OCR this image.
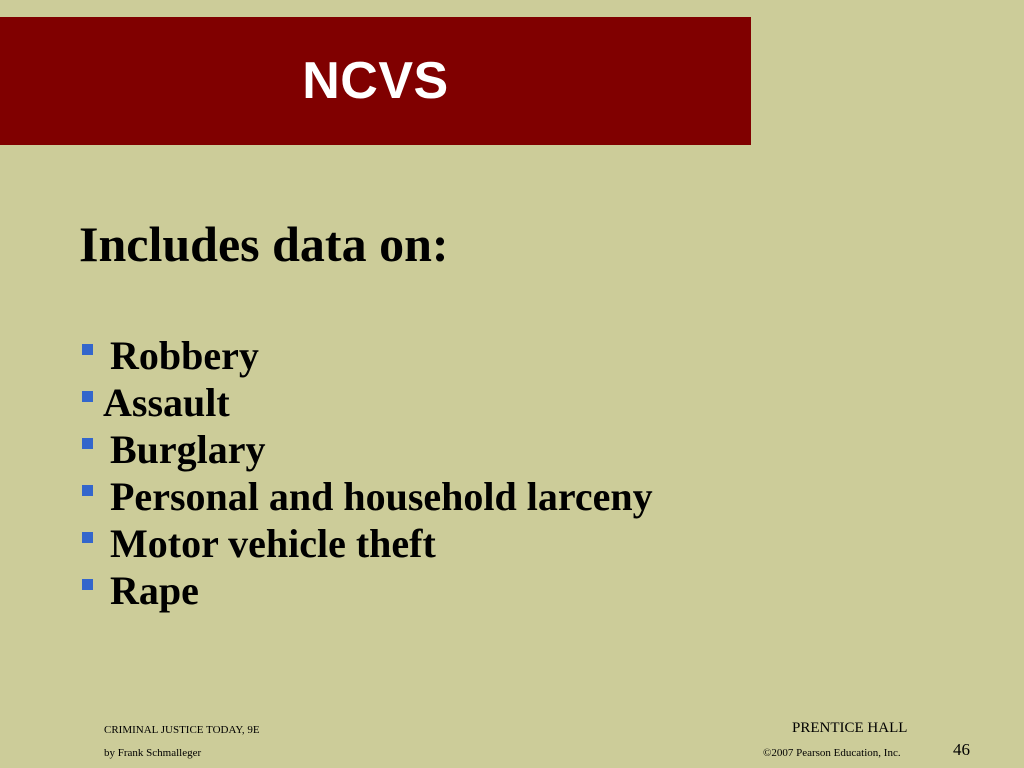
NCVS
Includes data on:
Robbery
Assault
Burglary
Personal and household larceny
Motor vehicle theft
Rape
CRIMINAL JUSTICE TODAY, 9E
by Frank Schmalleger
PRENTICE HALL
©2007 Pearson Education, Inc.	46
